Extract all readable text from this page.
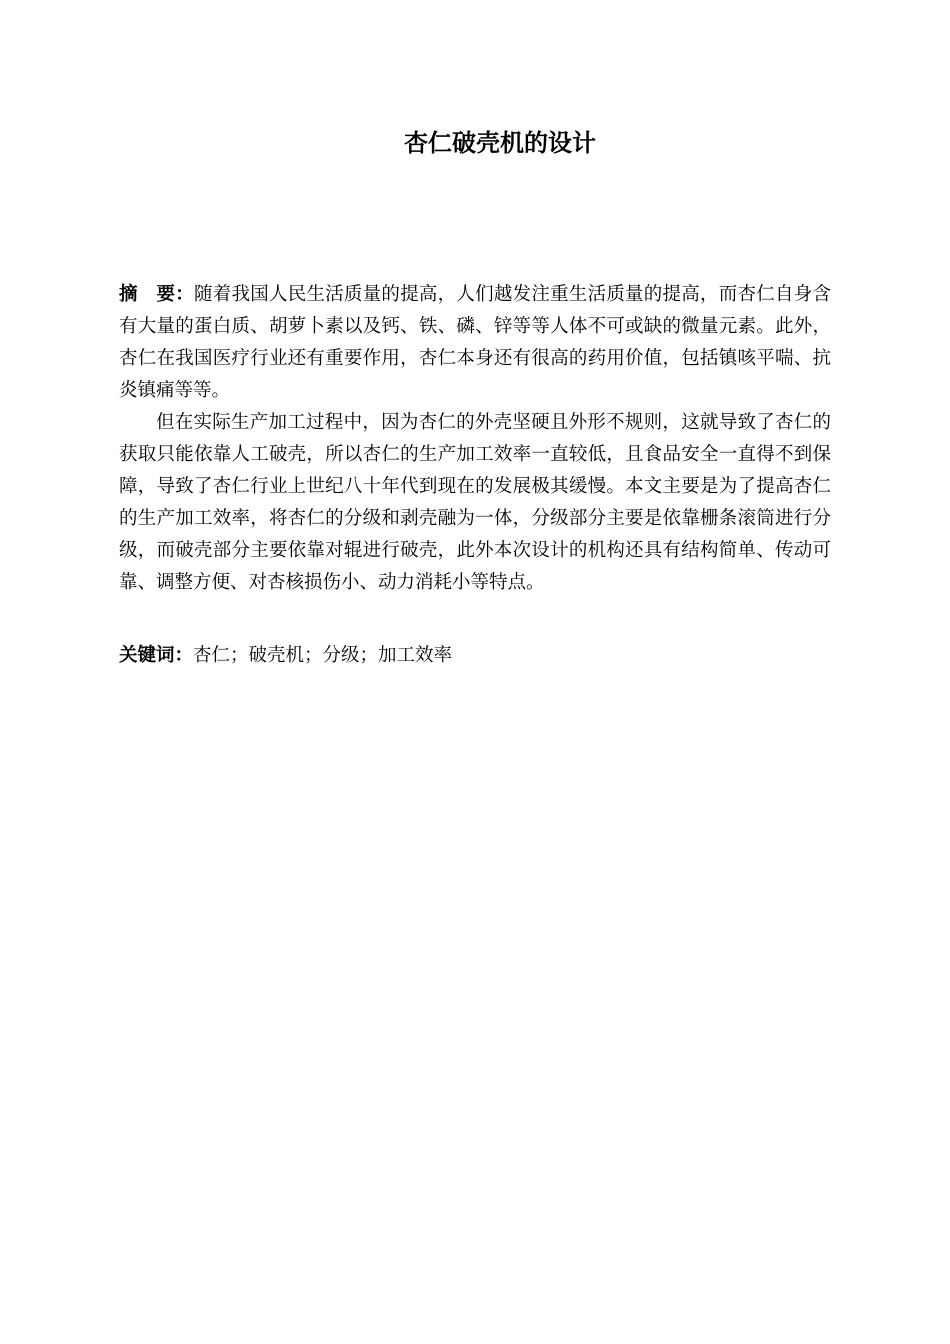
杏仁破壳机的设计

摘　要：随着我国人民生活质量的提高，人们越发注重生活质量的提高，而杏仁自身含有大量的蛋白质、胡萝卜素以及钙、铁、磷、锌等等人体不可或缺的微量元素。此外，杏仁在我国医疗行业还有重要作用，杏仁本身还有很高的药用价值，包括镇咳平喘、抗炎镇痛等等。

但在实际生产加工过程中，因为杏仁的外壳坚硬且外形不规则，这就导致了杏仁的获取只能依靠人工破壳，所以杏仁的生产加工效率一直较低，且食品安全一直得不到保障，导致了杏仁行业上世纪八十年代到现在的发展极其缓慢。本文主要是为了提高杏仁的生产加工效率，将杏仁的分级和剥壳融为一体，分级部分主要是依靠栅条滚筒进行分级，而破壳部分主要依靠对辊进行破壳，此外本次设计的机构还具有结构简单、传动可靠、调整方便、对杏核损伤小、动力消耗小等特点。

关键词：杏仁；破壳机；分级；加工效率
